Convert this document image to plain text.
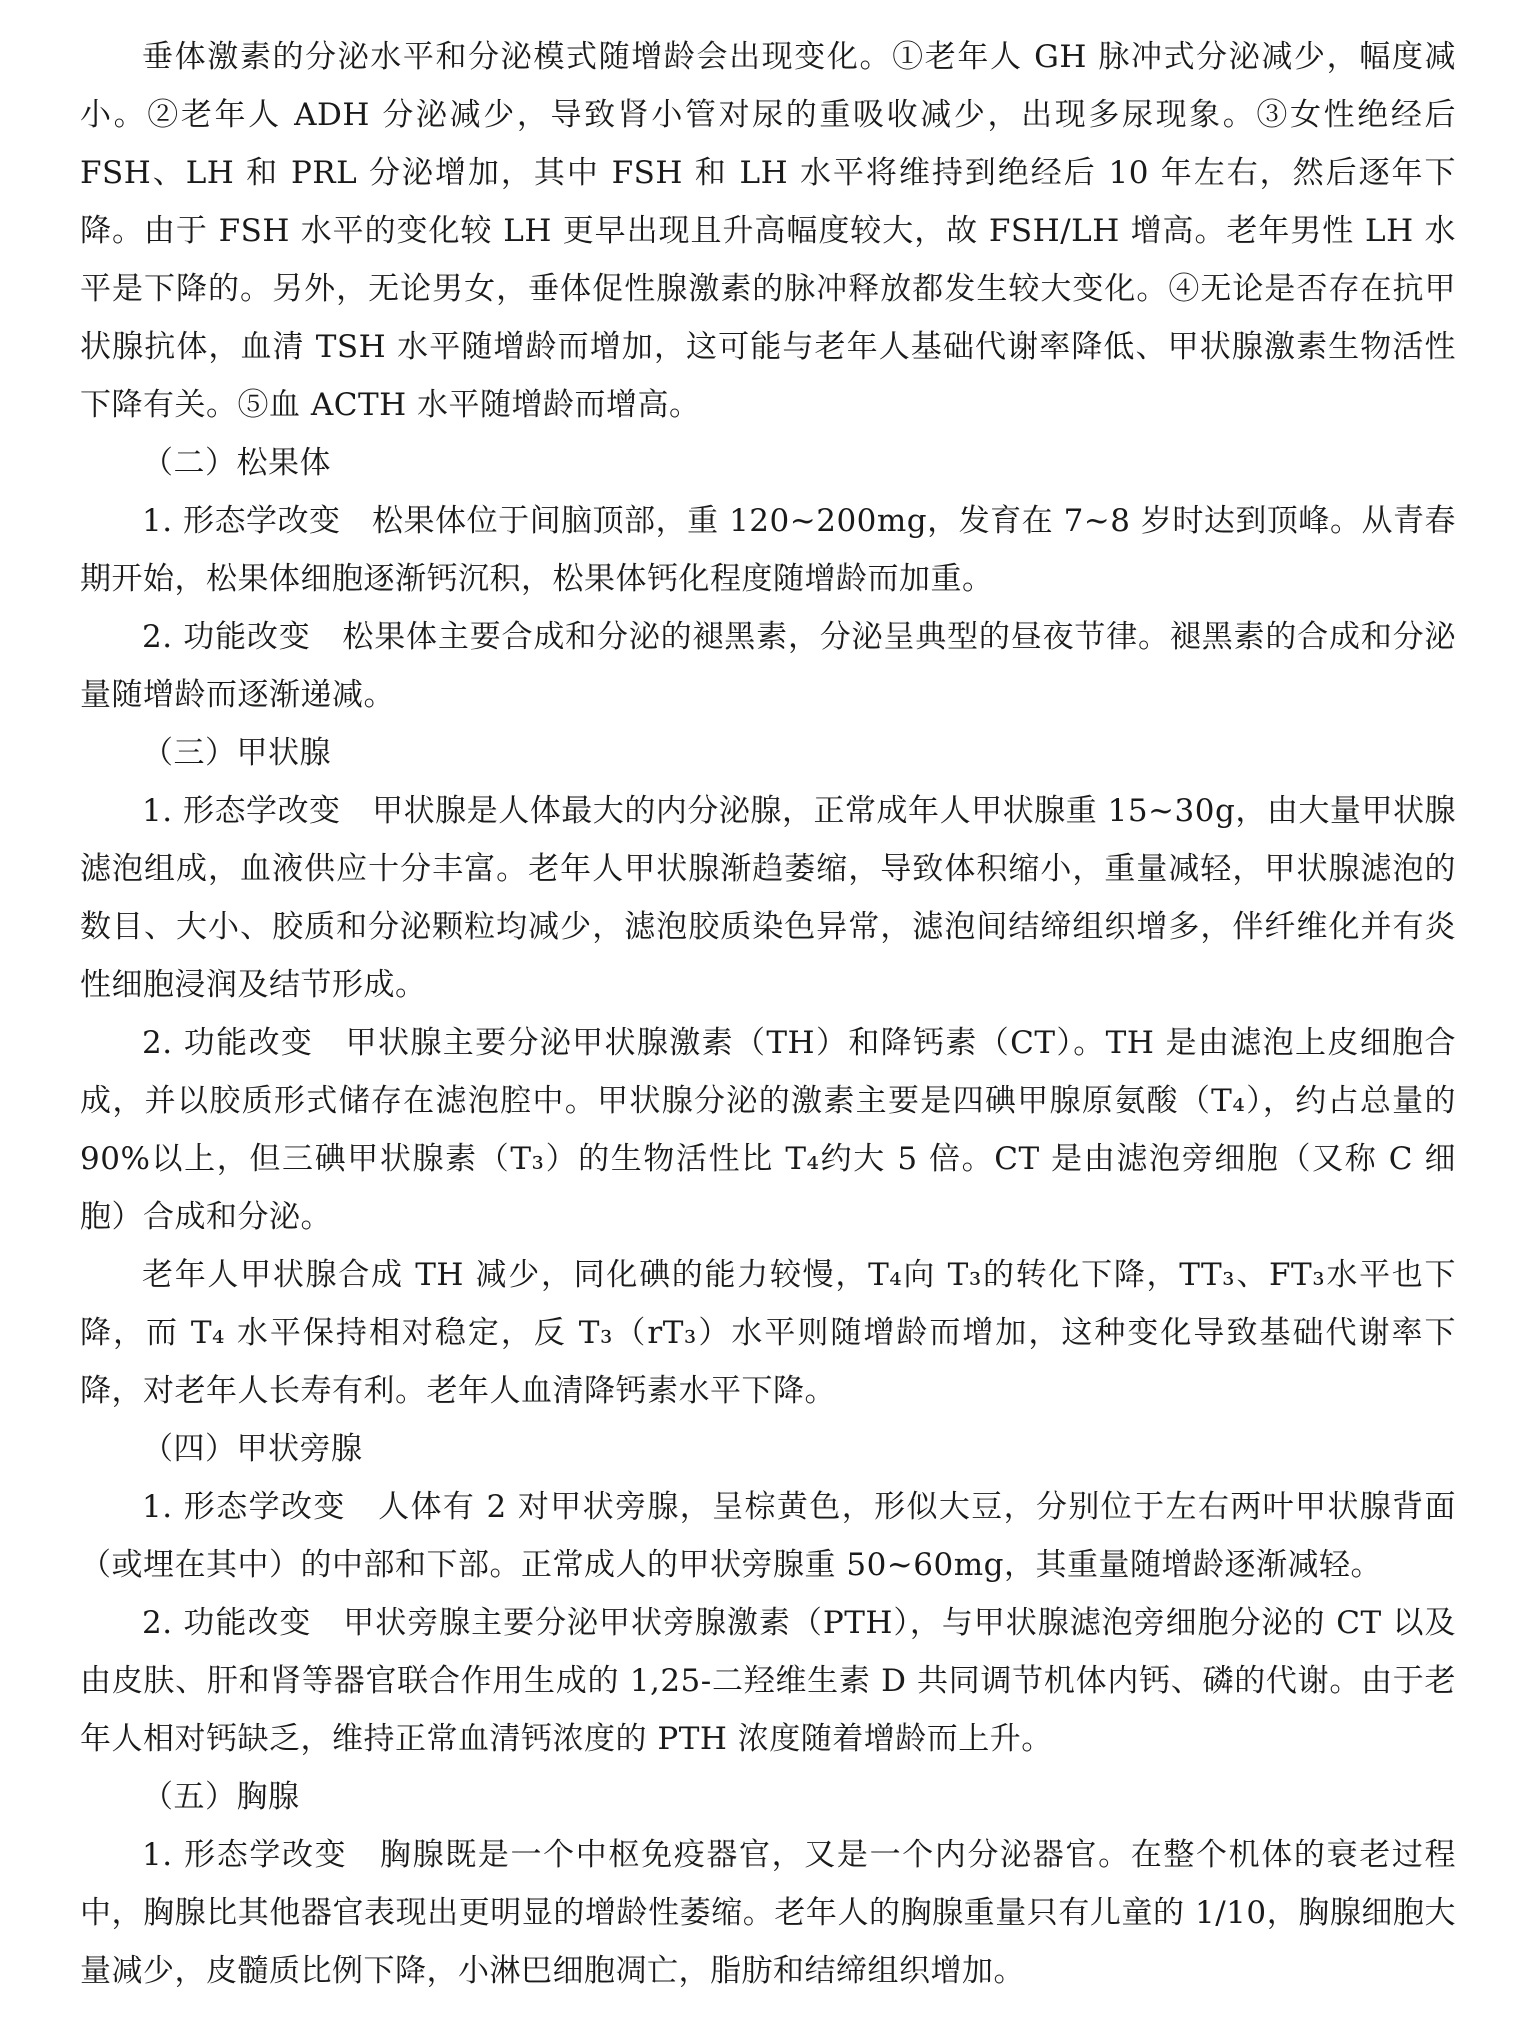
垂体激素的分泌水平和分泌模式随增龄会出现变化。①老年人 GH 脉冲式分泌减少，幅度减小。②老年人 ADH 分泌减少，导致肾小管对尿的重吸收减少，出现多尿现象。③女性绝经后 FSH、LH 和 PRL 分泌增加，其中 FSH 和 LH 水平将维持到绝经后 10 年左右，然后逐年下降。由于 FSH 水平的变化较 LH 更早出现且升高幅度较大，故 FSH/LH 增高。老年男性 LH 水平是下降的。另外，无论男女，垂体促性腺激素的脉冲释放都发生较大变化。④无论是否存在抗甲状腺抗体，血清 TSH 水平随增龄而增加，这可能与老年人基础代谢率降低、甲状腺激素生物活性下降有关。⑤血 ACTH 水平随增龄而增高。

（二）松果体

1. 形态学改变　松果体位于间脑顶部，重 120~200mg，发育在 7~8 岁时达到顶峰。从青春期开始，松果体细胞逐渐钙沉积，松果体钙化程度随增龄而加重。

2. 功能改变　松果体主要合成和分泌的褪黑素，分泌呈典型的昼夜节律。褪黑素的合成和分泌量随增龄而逐渐递减。

（三）甲状腺

1. 形态学改变　甲状腺是人体最大的内分泌腺，正常成年人甲状腺重 15~30g，由大量甲状腺滤泡组成，血液供应十分丰富。老年人甲状腺渐趋萎缩，导致体积缩小，重量减轻，甲状腺滤泡的数目、大小、胶质和分泌颗粒均减少，滤泡胶质染色异常，滤泡间结缔组织增多，伴纤维化并有炎性细胞浸润及结节形成。

2. 功能改变　甲状腺主要分泌甲状腺激素（TH）和降钙素（CT）。TH 是由滤泡上皮细胞合成，并以胶质形式储存在滤泡腔中。甲状腺分泌的激素主要是四碘甲腺原氨酸（T₄），约占总量的 90%以上，但三碘甲状腺素（T₃）的生物活性比 T₄约大 5 倍。CT 是由滤泡旁细胞（又称 C 细胞）合成和分泌。

老年人甲状腺合成 TH 减少，同化碘的能力较慢，T₄向 T₃的转化下降，TT₃、FT₃水平也下降，而 T₄ 水平保持相对稳定，反 T₃（rT₃）水平则随增龄而增加，这种变化导致基础代谢率下降，对老年人长寿有利。老年人血清降钙素水平下降。

（四）甲状旁腺

1. 形态学改变　人体有 2 对甲状旁腺，呈棕黄色，形似大豆，分别位于左右两叶甲状腺背面（或埋在其中）的中部和下部。正常成人的甲状旁腺重 50~60mg，其重量随增龄逐渐减轻。

2. 功能改变　甲状旁腺主要分泌甲状旁腺激素（PTH），与甲状腺滤泡旁细胞分泌的 CT 以及由皮肤、肝和肾等器官联合作用生成的 1,25-二羟维生素 D 共同调节机体内钙、磷的代谢。由于老年人相对钙缺乏，维持正常血清钙浓度的 PTH 浓度随着增龄而上升。

（五）胸腺

1. 形态学改变　胸腺既是一个中枢免疫器官，又是一个内分泌器官。在整个机体的衰老过程中，胸腺比其他器官表现出更明显的增龄性萎缩。老年人的胸腺重量只有儿童的 1/10，胸腺细胞大量减少，皮髓质比例下降，小淋巴细胞凋亡，脂肪和结缔组织增加。
